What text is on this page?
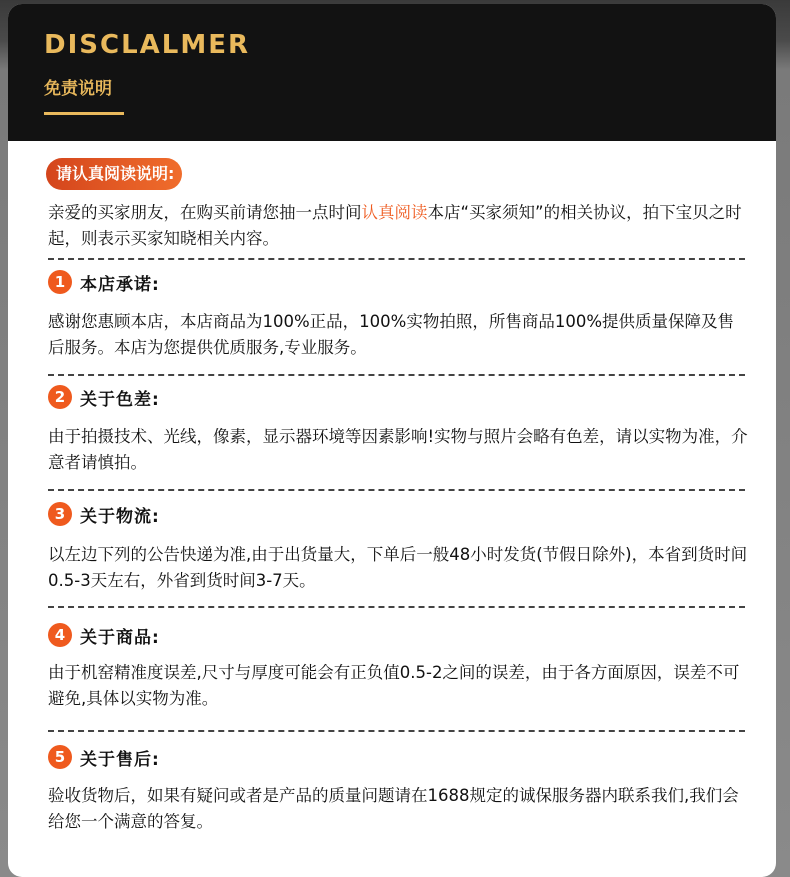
DISCLALMER
免责说明
请认真阅读说明:
亲爱的买家朋友，在购买前请您抽一点时间认真阅读本店“买家须知”的相关协议，拍下宝贝之时起，则表示买家知晓相关内容。
1 本店承诺:
感谢您惠顾本店，本店商品为100%正品，100%实物拍照，所售商品100%提供质量保障及售后服务。本店为您提供优质服务,专业服务。
2 关于色差:
由于拍摄技术、光线，像素，显示器环境等因素影响!实物与照片会略有色差，请以实物为准，介意者请慎拍。
3 关于物流:
以左边下列的公告快递为准,由于出货量大，下单后一般48小时发货(节假日除外)，本省到货时间0.5-3天左右，外省到货时间3-7天。
4 关于商品:
由于机窑精准度误差,尺寸与厚度可能会有正负值0.5-2之间的误差，由于各方面原因，误差不可避免,具体以实物为准。
5 关于售后:
验收货物后，如果有疑问或者是产品的质量问题请在1688规定的诚保服务器内联系我们,我们会给您一个满意的答复。
